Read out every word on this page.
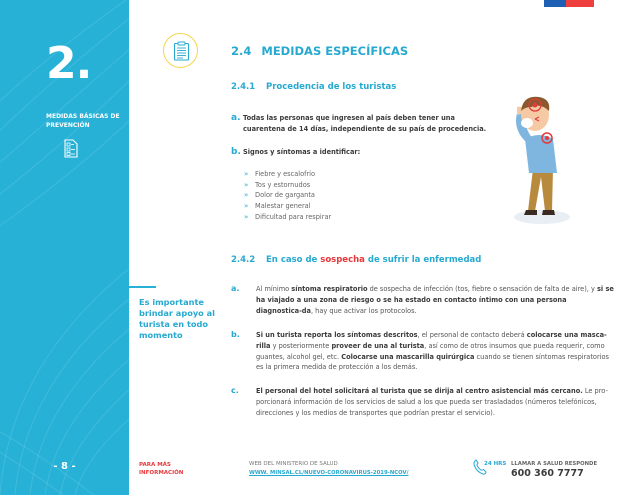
2.
MEDIDAS BÁSICAS DE PREVENCIÓN
- 8 -
2.4 MEDIDAS ESPECÍFICAS
2.4.1 Procedencia de los turistas
a. Todas las personas que ingresen al país deben tener una cuarentena de 14 días, independiente de su país de procedencia.
b. Signos y síntomas a identificar:
» Fiebre y escalofrío
» Tos y estornudos
» Dolor de garganta
» Malestar general
» Dificultad para respirar
2.4.2 En caso de sospecha de sufrir la enfermedad
a.	Al mínimo síntoma respiratorio de sospecha de infección (tos, fiebre o sensación de falta de aire), y si se ha viajado a una zona de riesgo o se ha estado en contacto íntimo con una persona diagnostica-da, hay que activar los protocolos.
b. Si un turista reporta los síntomas descritos, el personal de contacto deberá colocarse una masca-rilla y posteriormente proveer de una al turista, así como de otros insumos que pueda requerir, como guantes, alcohol gel, etc. Colocarse una mascarilla quirúrgica cuando se tienen síntomas respiratorios es la primera medida de protección a los demás.
c.	El personal del hotel solicitará al turista que se dirija al centro asistencial más cercano. Le pro-porcionará información de los servicios de salud a los que pueda ser trasladados (números telefónicos, direcciones y los medios de transportes que podrían prestar el servicio).
Es importante brindar apoyo al turista en todo momento
PARA MÁS INFORMACIÓN
WEB DEL MINISTERIO DE SALUD
WWW. MINSAL.CL/NUEVO-CORONAVIRUS-2019-NCOV/
24 HRS LLAMAR A SALUD RESPONDE
600 360 7777
